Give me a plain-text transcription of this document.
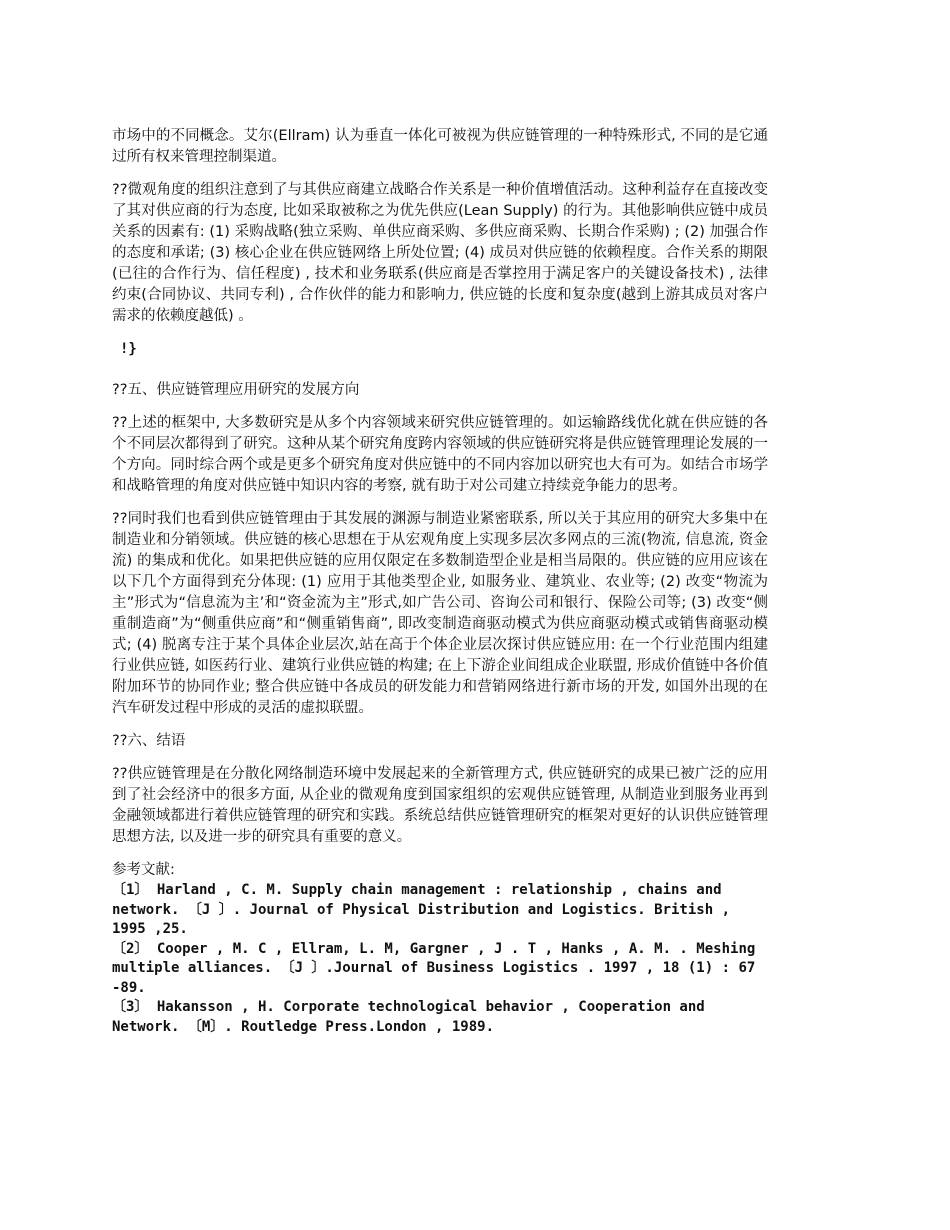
市场中的不同概念。艾尔(Ellram) 认为垂直一体化可被视为供应链管理的一种特殊形式, 不同的是它通过所有权来管理控制渠道。

??微观角度的组织注意到了与其供应商建立战略合作关系是一种价值增值活动。这种利益存在直接改变了其对供应商的行为态度, 比如采取被称之为优先供应(Lean Supply) 的行为。其他影响供应链中成员关系的因素有: (1) 采购战略(独立采购、单供应商采购、多供应商采购、长期合作采购) ; (2) 加强合作的态度和承诺; (3) 核心企业在供应链网络上所处位置; (4) 成员对供应链的依赖程度。合作关系的期限(已往的合作行为、信任程度) , 技术和业务联系(供应商是否掌控用于满足客户的关键设备技术) , 法律约束(合同协议、共同专利) , 合作伙伴的能力和影响力, 供应链的长度和复杂度(越到上游其成员对客户需求的依赖度越低) 。

!}

??五、供应链管理应用研究的发展方向

??上述的框架中, 大多数研究是从多个内容领域来研究供应链管理的。如运输路线优化就在供应链的各个不同层次都得到了研究。这种从某个研究角度跨内容领域的供应链研究将是供应链管理理论发展的一个方向。同时综合两个或是更多个研究角度对供应链中的不同内容加以研究也大有可为。如结合市场学和战略管理的角度对供应链中知识内容的考察, 就有助于对公司建立持续竞争能力的思考。

??同时我们也看到供应链管理由于其发展的渊源与制造业紧密联系, 所以关于其应用的研究大多集中在制造业和分销领域。供应链的核心思想在于从宏观角度上实现多层次多网点的三流(物流, 信息流, 资金流) 的集成和优化。如果把供应链的应用仅限定在多数制造型企业是相当局限的。供应链的应用应该在以下几个方面得到充分体现: (1) 应用于其他类型企业, 如服务业、建筑业、农业等; (2) 改变“物流为主”形式为“信息流为主’和“资金流为主”形式,如广告公司、咨询公司和银行、保险公司等; (3) 改变“侧重制造商”为“侧重供应商”和“侧重销售商”, 即改变制造商驱动模式为供应商驱动模式或销售商驱动模式; (4) 脱离专注于某个具体企业层次,站在高于个体企业层次探讨供应链应用: 在一个行业范围内组建行业供应链, 如医药行业、建筑行业供应链的构建; 在上下游企业间组成企业联盟, 形成价值链中各价值附加环节的协同作业; 整合供应链中各成员的研发能力和营销网络进行新市场的开发, 如国外出现的在汽车研发过程中形成的灵活的虚拟联盟。

??六、结语

??供应链管理是在分散化网络制造环境中发展起来的全新管理方式, 供应链研究的成果已被广泛的应用到了社会经济中的很多方面, 从企业的微观角度到国家组织的宏观供应链管理, 从制造业到服务业再到金融领域都进行着供应链管理的研究和实践。系统总结供应链管理研究的框架对更好的认识供应链管理思想方法, 以及进一步的研究具有重要的意义。

参考文献:

〔1〕 Harland , C. M. Supply chain management : relationship , chains and network. 〔J 〕. Journal of Physical Distribution and Logistics. British , 1995 ,25.

〔2〕 Cooper , M. C , Ellram, L. M, Gargner , J . T , Hanks , A. M. . Meshing multiple alliances. 〔J 〕.Journal of Business Logistics . 1997 , 18 (1) : 67 -89.

〔3〕 Hakansson , H. Corporate technological behavior , Cooperation and Network. 〔M〕. Routledge Press.London , 1989.
